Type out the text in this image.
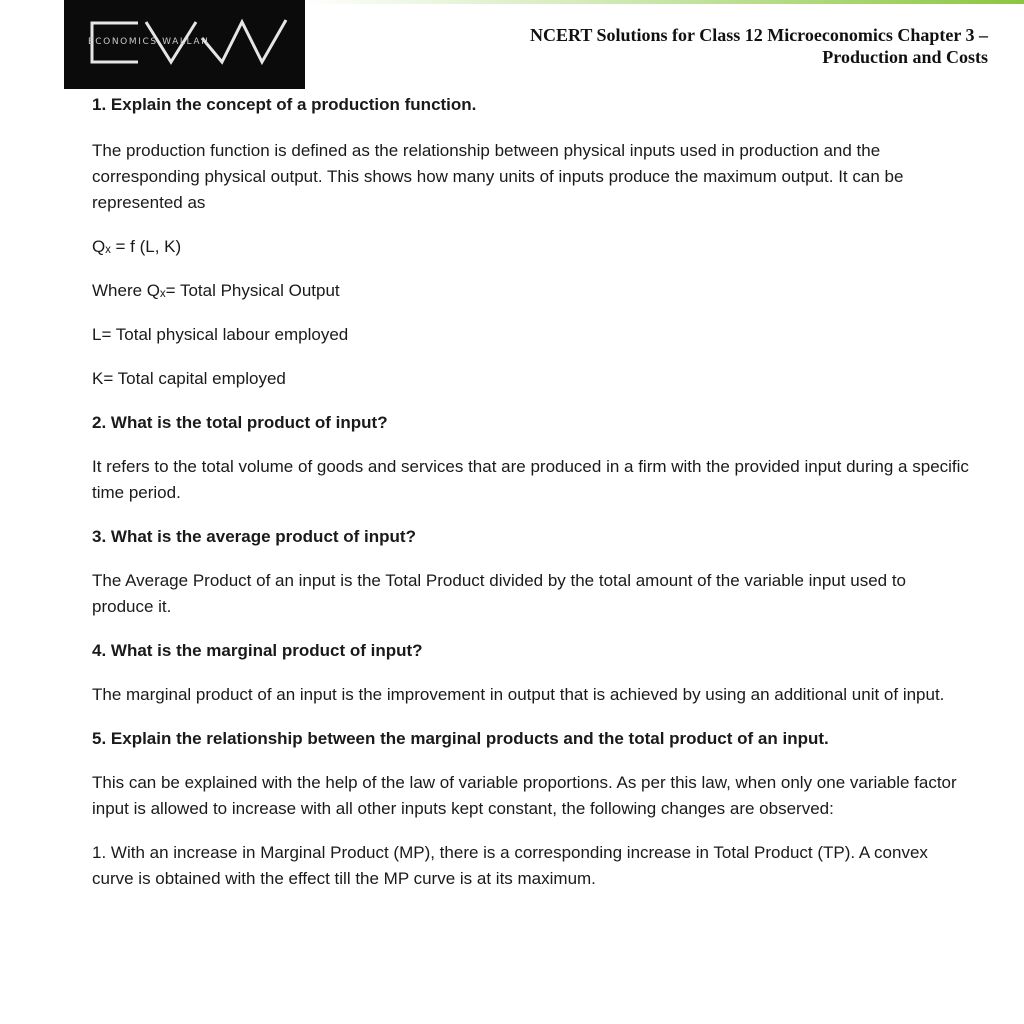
ECONOMICS WALLAH	NCERT Solutions for Class 12 Microeconomics Chapter 3 –
Production and Costs

1. Explain the concept of a production function.

The production function is defined as the relationship between physical inputs used in production and the corresponding physical output. This shows how many units of inputs produce the maximum output. It can be represented as

Qₓ = f (L, K)

Where Qₓ= Total Physical Output

L= Total physical labour employed

K= Total capital employed

2. What is the total product of input?

It refers to the total volume of goods and services that are produced in a firm with the provided input during a specific time period.

3. What is the average product of input?

The Average Product of an input is the Total Product divided by the total amount of the variable input used to produce it.

4. What is the marginal product of input?

The marginal product of an input is the improvement in output that is achieved by using an additional unit of input.

5. Explain the relationship between the marginal products and the total product of an input.

This can be explained with the help of the law of variable proportions. As per this law, when only one variable factor input is allowed to increase with all other inputs kept constant, the following changes are observed:

1. With an increase in Marginal Product (MP), there is a corresponding increase in Total Product (TP). A convex curve is obtained with the effect till the MP curve is at its maximum.
